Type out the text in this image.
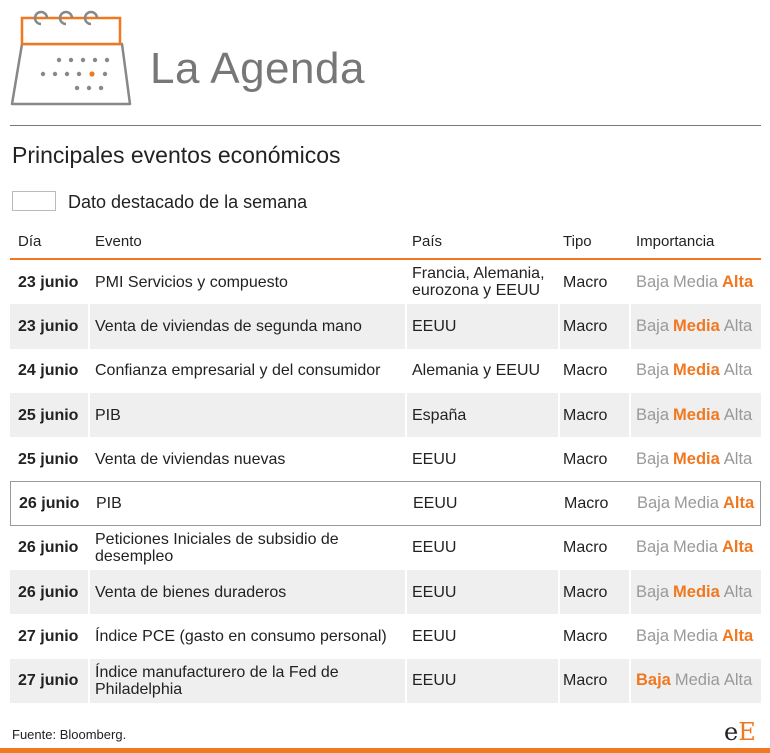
La Agenda
Principales eventos económicos
Dato destacado de la semana
Día	Evento	País	Tipo	Importancia
23 junio PMI Servicios y compuesto	Francia, Alemania, eurozona y EEUU	Macro Baja Media Alta
23 junio Venta de viviendas de segunda mano	EEUU	Macro Baja Media Alta
24 junio Confianza empresarial y del consumidor	Alemania y EEUU	Macro Baja Media Alta
25 junio PIB	España	Macro Baja Media Alta
25 junio Venta de viviendas nuevas	EEUU	Macro Baja Media Alta
26 junio PIB	EEUU	Macro Baja Media Alta
26 junio Peticiones Iniciales de subsidio de desempleo	EEUU	Macro Baja Media Alta
26 junio Venta de bienes duraderos	EEUU	Macro Baja Media Alta
27 junio Índice PCE (gasto en consumo personal)	EEUU	Macro Baja Media Alta
27 junio Índice manufacturero de la Fed de Philadelphia	EEUU	Macro Baja Media Alta
Fuente: Bloomberg.	eE
